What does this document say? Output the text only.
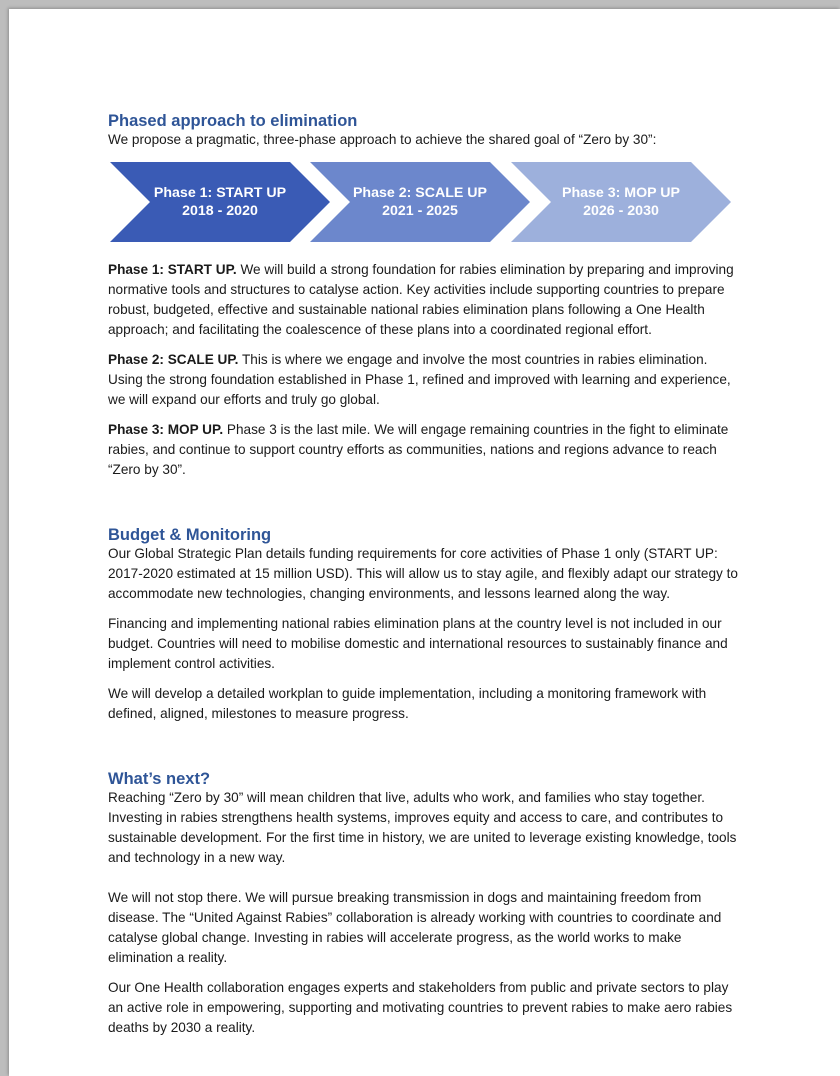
Phased approach to elimination

We propose a pragmatic, three-phase approach to achieve the shared goal of “Zero by 30”:

Phase 1: START UP
2018 - 2020
Phase 2: SCALE UP
2021 - 2025
Phase 3: MOP UP
2026 - 2030

Phase 1: START UP. We will build a strong foundation for rabies elimination by preparing and improving normative tools and structures to catalyse action. Key activities include supporting countries to prepare robust, budgeted, effective and sustainable national rabies elimination plans following a One Health approach; and facilitating the coalescence of these plans into a coordinated regional effort.

Phase 2: SCALE UP. This is where we engage and involve the most countries in rabies elimination. Using the strong foundation established in Phase 1, refined and improved with learning and experience, we will expand our efforts and truly go global.

Phase 3: MOP UP. Phase 3 is the last mile. We will engage remaining countries in the fight to eliminate rabies, and continue to support country efforts as communities, nations and regions advance to reach “Zero by 30”.

Budget & Monitoring

Our Global Strategic Plan details funding requirements for core activities of Phase 1 only (START UP: 2017-2020 estimated at 15 million USD). This will allow us to stay agile, and flexibly adapt our strategy to accommodate new technologies, changing environments, and lessons learned along the way.

Financing and implementing national rabies elimination plans at the country level is not included in our budget. Countries will need to mobilise domestic and international resources to sustainably finance and implement control activities.

We will develop a detailed workplan to guide implementation, including a monitoring framework with defined, aligned, milestones to measure progress.

What’s next?

Reaching “Zero by 30” will mean children that live, adults who work, and families who stay together. Investing in rabies strengthens health systems, improves equity and access to care, and contributes to sustainable development. For the first time in history, we are united to leverage existing knowledge, tools and technology in a new way.

We will not stop there. We will pursue breaking transmission in dogs and maintaining freedom from disease. The “United Against Rabies” collaboration is already working with countries to coordinate and catalyse global change. Investing in rabies will accelerate progress, as the world works to make elimination a reality.

Our One Health collaboration engages experts and stakeholders from public and private sectors to play an active role in empowering, supporting and motivating countries to prevent rabies to make aero rabies deaths by 2030 a reality.
